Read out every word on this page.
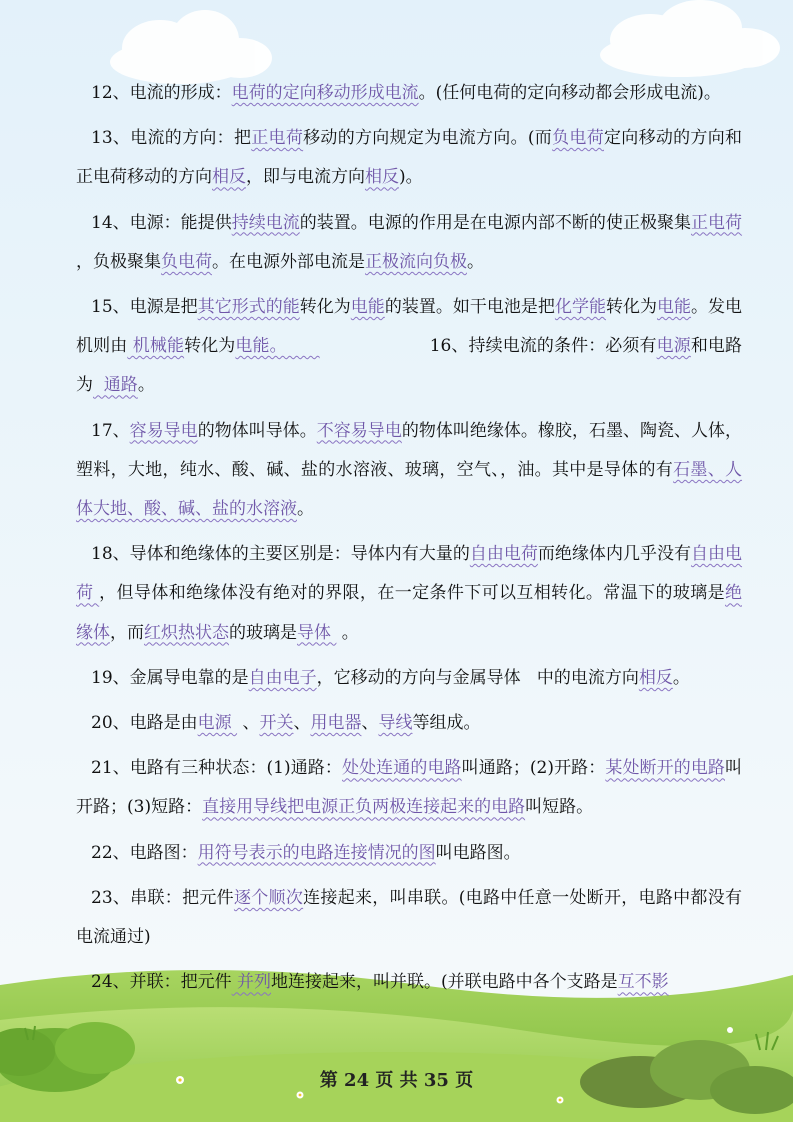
12、电流的形成：电荷的定向移动形成电流。(任何电荷的定向移动都会形成电流)。

13、电流的方向：把正电荷移动的方向规定为电流方向。(而负电荷定向移动的方向和正电荷移动的方向相反，即与电流方向相反)。

14、电源：能提供持续电流的装置。电源的作用是在电源内部不断的使正极聚集正电荷 ，负极聚集负电荷。在电源外部电流是正极流向负极。

15、电源是把其它形式的能转化为电能的装置。如干电池是把化学能转化为电能。发电机则由 机械能转化为电能。                          16、持续电流的条件：必须有电源和电路为  通路。

17、容易导电的物体叫导体。不容易导电的物体叫绝缘体。橡胶，石墨、陶瓷、人体，塑料，大地，纯水、酸、碱、盐的水溶液、玻璃，空气、，油。其中是导体的有石墨、人体大地、酸、碱、盐的水溶液。

18、导体和绝缘体的主要区别是：导体内有大量的自由电荷而绝缘体内几乎没有自由电荷 ，但导体和绝缘体没有绝对的界限，在一定条件下可以互相转化。常温下的玻璃是绝缘体，而红炽热状态的玻璃是导体  。

19、金属导电靠的是自由电子，它移动的方向与金属导体   中的电流方向相反。

20、电路是由电源  、开关、用电器、导线等组成。

21、电路有三种状态：(1)通路：处处连通的电路叫通路；(2)开路：某处断开的电路叫开路；(3)短路：直接用导线把电源正负两极连接起来的电路叫短路。

22、电路图：用符号表示的电路连接情况的图叫电路图。

23、串联：把元件逐个顺次连接起来，叫串联。(电路中任意一处断开，电路中都没有电流通过)

24、并联：把元件 并列地连接起来，叫并联。(并联电路中各个支路是互不影

第 24 页 共 35 页
